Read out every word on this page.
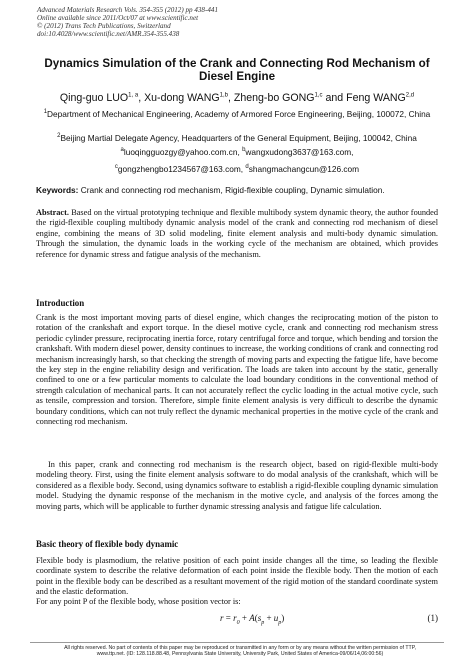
Advanced Materials Research Vols. 354-355 (2012) pp 438-441
Online available since 2011/Oct/07 at www.scientific.net
© (2012) Trans Tech Publications, Switzerland
doi:10.4028/www.scientific.net/AMR.354-355.438
Dynamics Simulation of the Crank and Connecting Rod Mechanism of Diesel Engine
Qing-guo LUO$^{1, a}$, Xu-dong WANG$^{1,b}$, Zheng-bo GONG$^{1,c}$ and Feng WANG$^{2,d}$
$^1$Department of Mechanical Engineering, Academy of Armored Force Engineering, Beijing, 100072, China
$^2$Beijing Martial Delegate Agency, Headquarters of the General Equipment, Beijing, 100042, China
$^a$luoqingguozgy@yahoo.com.cn, $^b$wangxudong3637@163.com,
$^c$gongzhengbo1234567@163.com, $^d$shangmachangcun@126.com
Keywords: Crank and connecting rod mechanism, Rigid-flexible coupling, Dynamic simulation.
Abstract. Based on the virtual prototyping technique and flexible multibody system dynamic theory, the author founded the rigid-flexible coupling multibody dynamic analysis model of the crank and connecting rod mechanism of diesel engine, combining the means of 3D solid modeling, finite element analysis and multi-body dynamic simulation. Through the simulation, the dynamic loads in the working cycle of the mechanism are obtained, which provides reference for dynamic stress and fatigue analysis of the mechanism.
Introduction
Crank is the most important moving parts of diesel engine, which changes the reciprocating motion of the piston to rotation of the crankshaft and export torque. In the diesel motive cycle, crank and connecting rod mechanism stress periodic cylinder pressure, reciprocating inertia force, rotary centrifugal force and torque, which bending and torsion the crankshaft. With modern diesel power, density continues to increase, the working conditions of crank and connecting rod mechanism increasingly harsh, so that checking the strength of moving parts and expecting the fatigue life, have become the key step in the engine reliability design and verification. The loads are taken into account by the static, generally confined to one or a few particular moments to calculate the load boundary conditions in the conventional method of strength calculation of mechanical parts. It can not accurately reflect the cyclic loading in the actual motive cycle, such as tensile, compression and torsion. Therefore, simple finite element analysis is very difficult to describe the dynamic boundary conditions, which can not truly reflect the dynamic mechanical properties in the motive cycle of the crank and connecting rod mechanism.
In this paper, crank and connecting rod mechanism is the research object, based on rigid-flexible multi-body modeling theory. First, using the finite element analysis software to do modal analysis of the crankshaft, which will be considered as a flexible body. Second, using dynamics software to establish a rigid-flexible coupling dynamic simulation model. Studying the dynamic response of the mechanism in the motive cycle, and analysis of the forces among the moving parts, which will be applicable to further dynamic stressing analysis and fatigue life calculation.
Basic theory of flexible body dynamic
Flexible body is plasmodium, the relative position of each point inside changes all the time, so leading the flexible coordinate system to describe the relative deformation of each point inside the flexible body. Then the motion of each point in the flexible body can be described as a resultant movement of the rigid motion of the standard coordinate system and the elastic deformation.
For any point P of the flexible body, whose position vector is:
$r = r_0 + A(s_p + u_p)$	(1)
All rights reserved. No part of contents of this paper may be reproduced or transmitted in any form or by any means without the written permission of TTP,
www.ttp.net. (ID: 128.118.88.48, Pennsylvania State University, University Park, United States of America-09/06/14,06:00:56)
